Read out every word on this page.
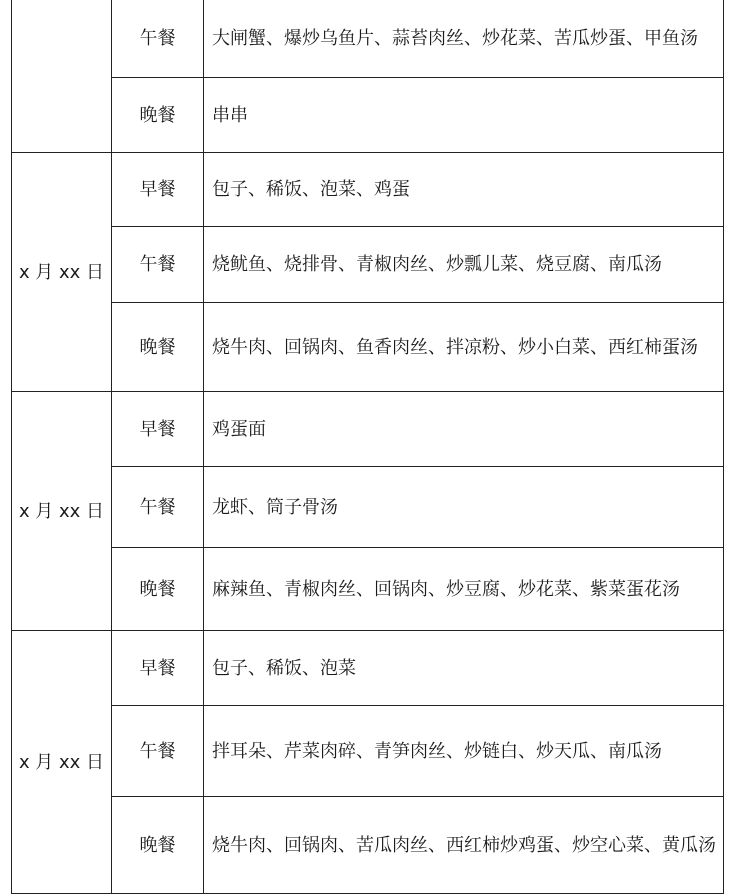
	午餐	大闸蟹、爆炒乌鱼片、蒜苔肉丝、炒花菜、苦瓜炒蛋、甲鱼汤
	晚餐	串串
x 月 xx 日	早餐	包子、稀饭、泡菜、鸡蛋
	午餐	烧鱿鱼、烧排骨、青椒肉丝、炒瓢儿菜、烧豆腐、南瓜汤
	晚餐	烧牛肉、回锅肉、鱼香肉丝、拌凉粉、炒小白菜、西红柿蛋汤
x 月 xx 日	早餐	鸡蛋面
	午餐	龙虾、筒子骨汤
	晚餐	麻辣鱼、青椒肉丝、回锅肉、炒豆腐、炒花菜、紫菜蛋花汤
x 月 xx 日	早餐	包子、稀饭、泡菜
	午餐	拌耳朵、芹菜肉碎、青笋肉丝、炒链白、炒天瓜、南瓜汤
	晚餐	烧牛肉、回锅肉、苦瓜肉丝、西红柿炒鸡蛋、炒空心菜、黄瓜汤
